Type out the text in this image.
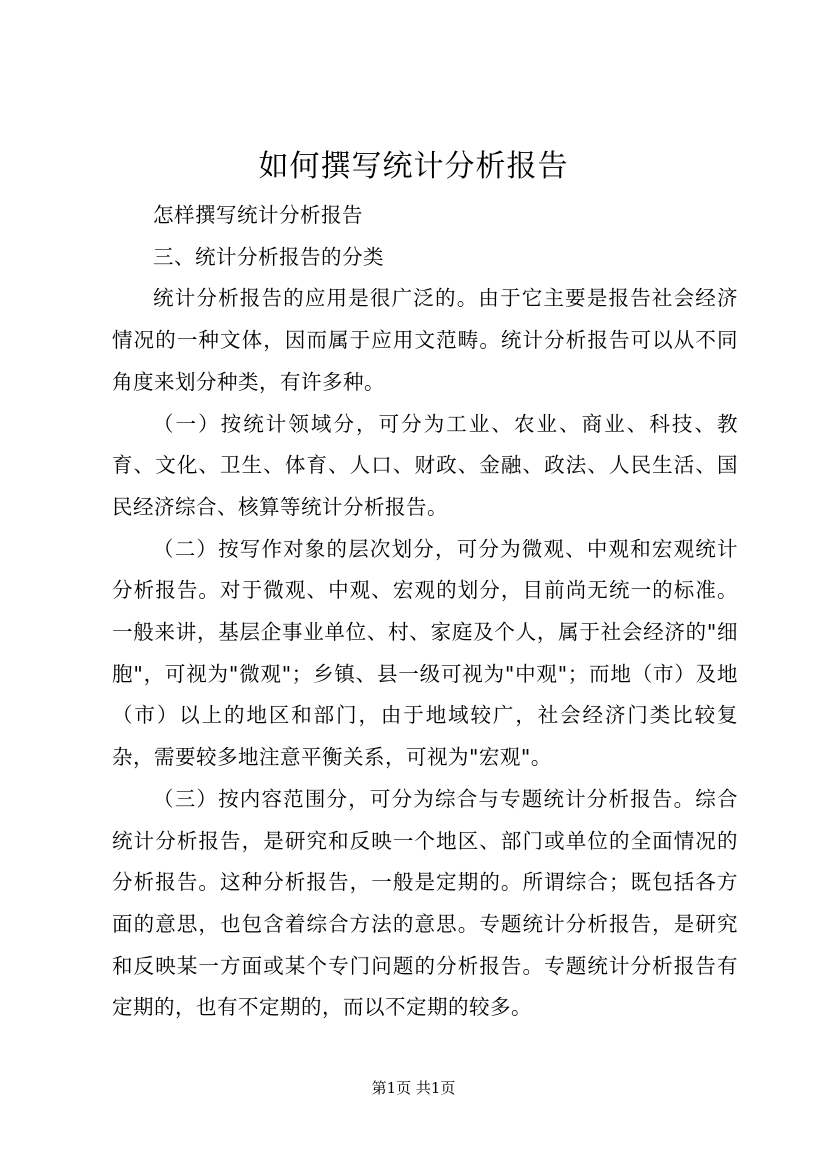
如何撰写统计分析报告

怎样撰写统计分析报告

三、统计分析报告的分类

统计分析报告的应用是很广泛的。由于它主要是报告社会经济情况的一种文体，因而属于应用文范畴。统计分析报告可以从不同角度来划分种类，有许多种。

（一）按统计领域分，可分为工业、农业、商业、科技、教育、文化、卫生、体育、人口、财政、金融、政法、人民生活、国民经济综合、核算等统计分析报告。

（二）按写作对象的层次划分，可分为微观、中观和宏观统计分析报告。对于微观、中观、宏观的划分，目前尚无统一的标准。一般来讲，基层企事业单位、村、家庭及个人，属于社会经济的"细胞"，可视为"微观"；乡镇、县一级可视为"中观"；而地（市）及地（市）以上的地区和部门，由于地域较广，社会经济门类比较复杂，需要较多地注意平衡关系，可视为"宏观"。

（三）按内容范围分，可分为综合与专题统计分析报告。综合统计分析报告，是研究和反映一个地区、部门或单位的全面情况的分析报告。这种分析报告，一般是定期的。所谓综合；既包括各方面的意思，也包含着综合方法的意思。专题统计分析报告，是研究和反映某一方面或某个专门问题的分析报告。专题统计分析报告有定期的，也有不定期的，而以不定期的较多。

第1页 共1页
